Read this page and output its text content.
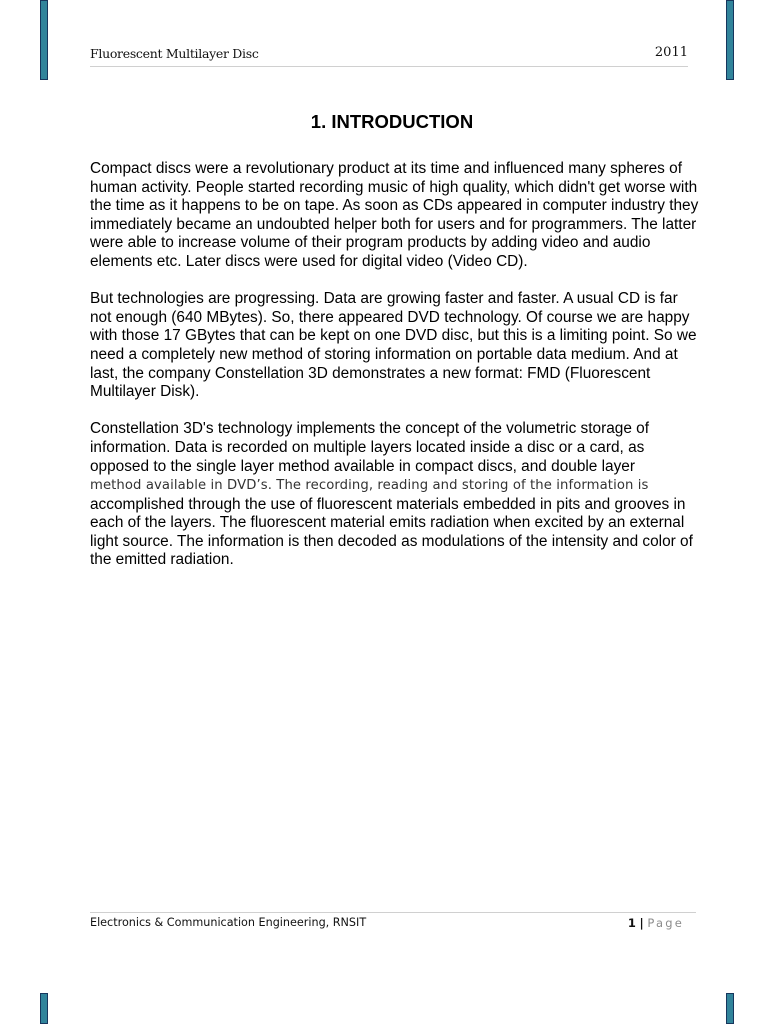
Fluorescent Multilayer Disc	2011
1. INTRODUCTION

Compact discs were a revolutionary product at its time and influenced many spheres of human activity. People started recording music of high quality, which didn't get worse with the time as it happens to be on tape. As soon as CDs appeared in computer industry they immediately became an undoubted helper both for users and for programmers. The latter were able to increase volume of their program products by adding video and audio elements etc. Later discs were used for digital video (Video CD).

But technologies are progressing. Data are growing faster and faster. A usual CD is far not enough (640 MBytes). So, there appeared DVD technology. Of course we are happy with those 17 GBytes that can be kept on one DVD disc, but this is a limiting point. So we need a completely new method of storing information on portable data medium. And at last, the company Constellation 3D demonstrates a new format: FMD (Fluorescent Multilayer Disk).

Constellation 3D's technology implements the concept of the volumetric storage of information. Data is recorded on multiple layers located inside a disc or a card, as opposed to the single layer method available in compact discs, and double layer
method available in DVD’s. The recording, reading and storing of the information is
accomplished through the use of fluorescent materials embedded in pits and grooves in each of the layers. The fluorescent material emits radiation when excited by an external light source. The information is then decoded as modulations of the intensity and color of the emitted radiation.

Electronics & Communication Engineering, RNSIT	1 | Page
